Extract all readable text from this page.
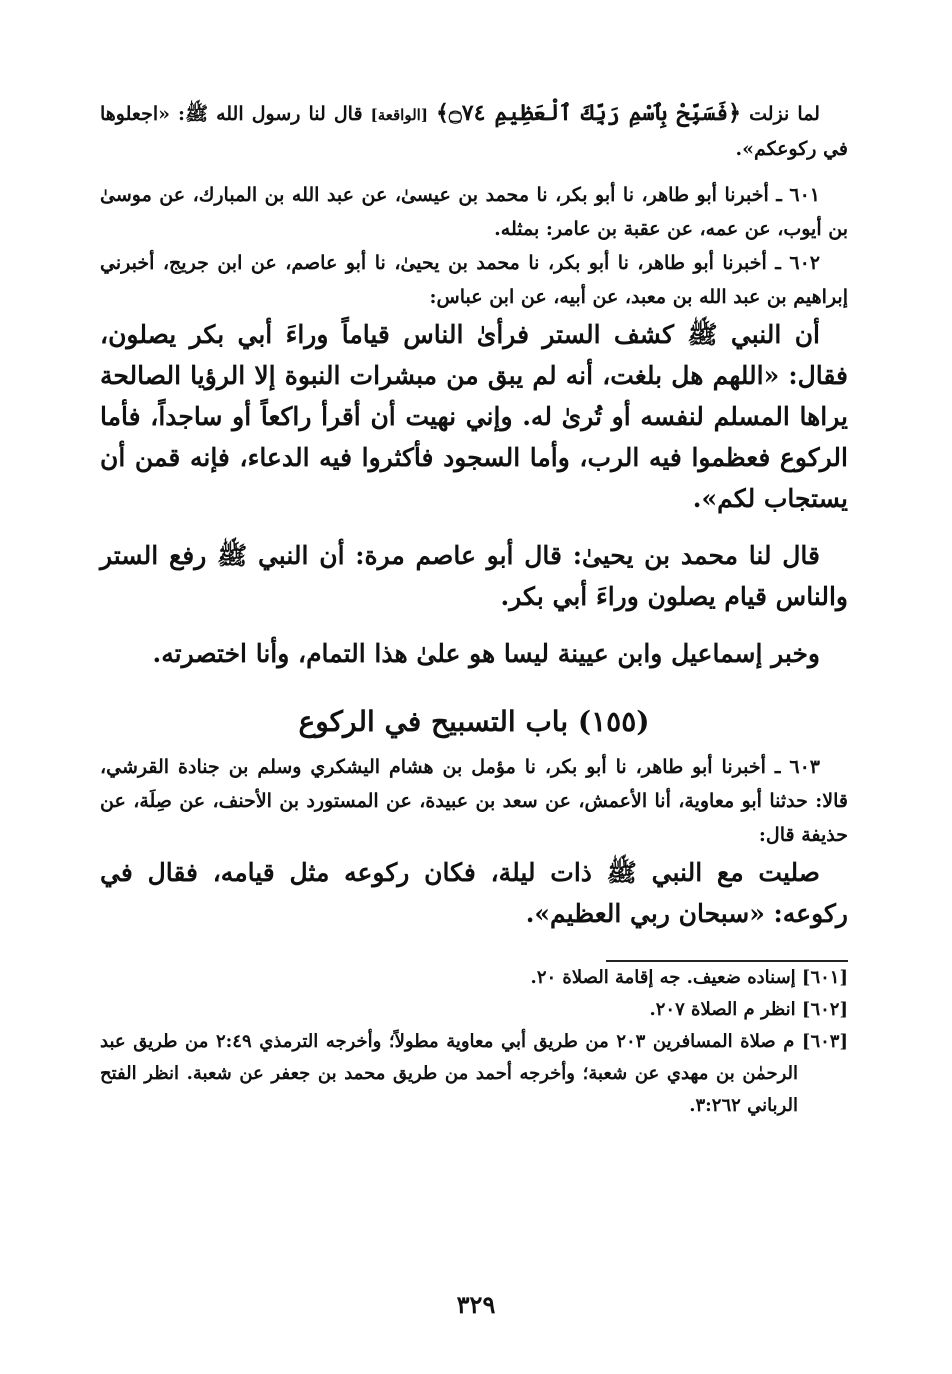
لما نزلت ﴿فَسَبِّحْ بِٱسْمِ رَبِّكَ ٱلْعَظِيمِ ۝٧٤﴾ [الواقعة] قال لنا رسول الله ﷺ: «اجعلوها في ركوعكم».

٦٠١ ـ أخبرنا أبو طاهر، نا أبو بكر، نا محمد بن عيسىٰ، عن عبد الله بن المبارك، عن موسىٰ بن أيوب، عن عمه، عن عقبة بن عامر: بمثله.

٦٠٢ ـ أخبرنا أبو طاهر، نا أبو بكر، نا محمد بن يحيىٰ، نا أبو عاصم، عن ابن جريج، أخبرني إبراهيم بن عبد الله بن معبد، عن أبيه، عن ابن عباس:

أن النبي ﷺ كشف الستر فرأىٰ الناس قياماً وراءَ أبي بكر يصلون، فقال: «اللهم هل بلغت، أنه لم يبق من مبشرات النبوة إلا الرؤيا الصالحة يراها المسلم لنفسه أو تُرىٰ له. وإني نهيت أن أقرأ راكعاً أو ساجداً، فأما الركوع فعظموا فيه الرب، وأما السجود فأكثروا فيه الدعاء، فإنه قمن أن يستجاب لكم».

قال لنا محمد بن يحيىٰ: قال أبو عاصم مرة: أن النبي ﷺ رفع الستر والناس قيام يصلون وراءَ أبي بكر.

وخبر إسماعيل وابن عيينة ليسا هو علىٰ هذا التمام، وأنا اختصرته.

(١٥٥) باب التسبيح في الركوع

٦٠٣ ـ أخبرنا أبو طاهر، نا أبو بكر، نا مؤمل بن هشام اليشكري وسلم بن جنادة القرشي، قالا: حدثنا أبو معاوية، أنا الأعمش، عن سعد بن عبيدة، عن المستورد بن الأحنف، عن صِلَة، عن حذيفة قال:

صليت مع النبي ﷺ ذات ليلة، فكان ركوعه مثل قيامه، فقال في ركوعه: «سبحان ربي العظيم».

[٦٠١] إسناده ضعيف. جه إقامة الصلاة ٢٠.

[٦٠٢] انظر م الصلاة ٢٠٧.

[٦٠٣] م صلاة المسافرين ٢٠٣ من طريق أبي معاوية مطولاً؛ وأخرجه الترمذي ٢:٤٩ من طريق عبد الرحمٰن بن مهدي عن شعبة؛ وأخرجه أحمد من طريق محمد بن جعفر عن شعبة. انظر الفتح الرباني ٣:٢٦٢.

٣٢٩
